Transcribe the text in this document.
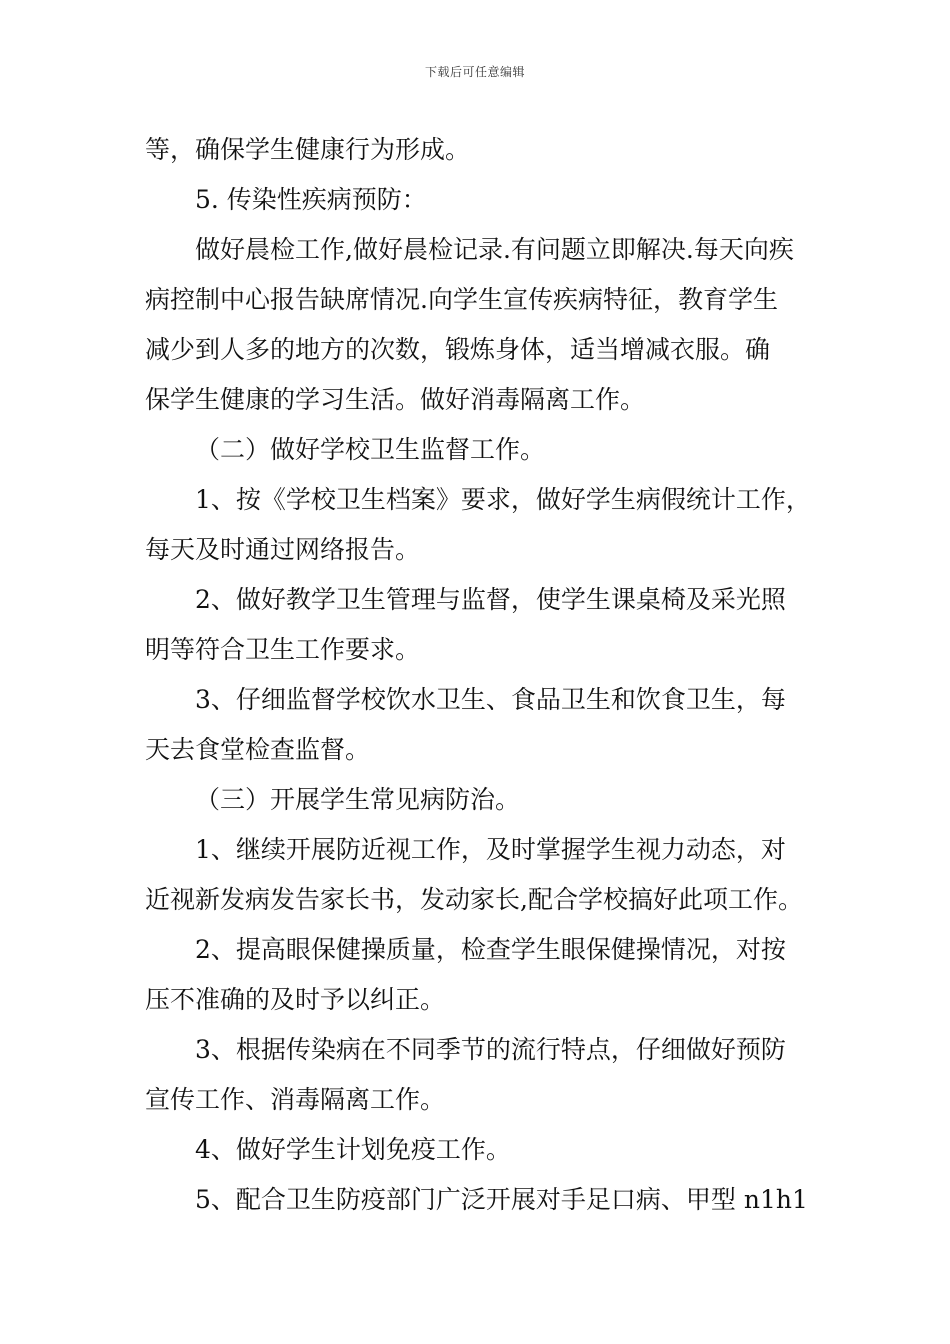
下载后可任意编辑

等，确保学生健康行为形成。

5. 传染性疾病预防：

做好晨检工作,做好晨检记录.有问题立即解决.每天向疾
病控制中心报告缺席情况.向学生宣传疾病特征，教育学生
减少到人多的地方的次数，锻炼身体，适当增减衣服。确
保学生健康的学习生活。做好消毒隔离工作。

（二）做好学校卫生监督工作。

1、按《学校卫生档案》要求，做好学生病假统计工作，
每天及时通过网络报告。

2、做好教学卫生管理与监督，使学生课桌椅及采光照
明等符合卫生工作要求。

3、仔细监督学校饮水卫生、食品卫生和饮食卫生，每
天去食堂检查监督。

（三）开展学生常见病防治。

1、继续开展防近视工作，及时掌握学生视力动态，对
近视新发病发告家长书，发动家长,配合学校搞好此项工作。

2、提高眼保健操质量，检查学生眼保健操情况，对按
压不准确的及时予以纠正。

3、根据传染病在不同季节的流行特点，仔细做好预防
宣传工作、消毒隔离工作。

4、做好学生计划免疫工作。

5、配合卫生防疫部门广泛开展对手足口病、甲型 n1h1
